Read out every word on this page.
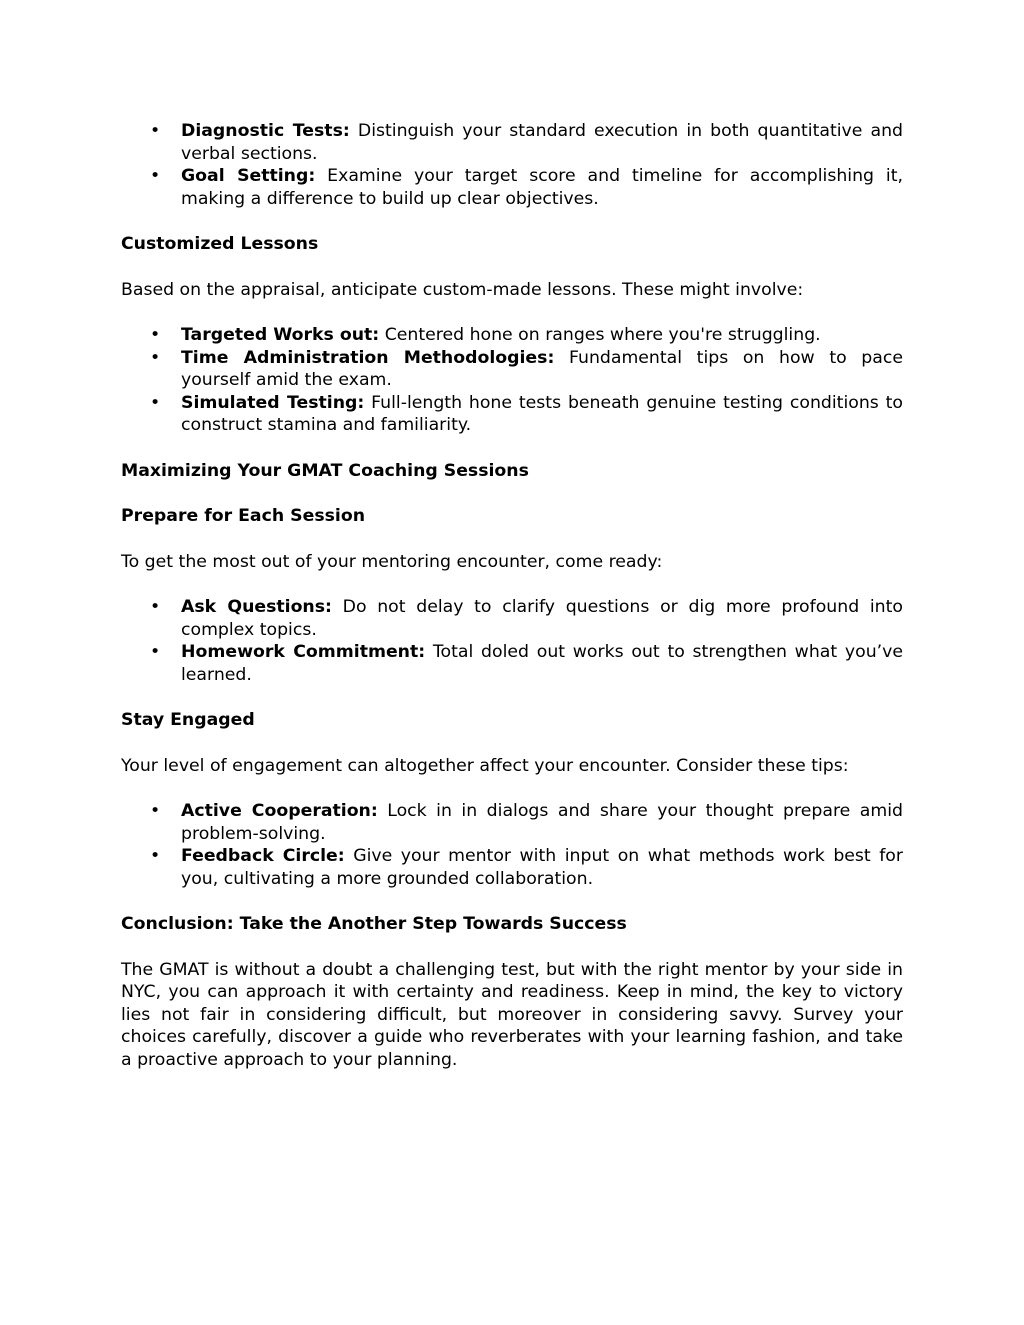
• Diagnostic Tests: Distinguish your standard execution in both quantitative and verbal sections.
• Goal Setting: Examine your target score and timeline for accomplishing it, making a difference to build up clear objectives.
Customized Lessons

Based on the appraisal, anticipate custom-made lessons. These might involve:

• Targeted Works out: Centered hone on ranges where you're struggling.
• Time Administration Methodologies: Fundamental tips on how to pace yourself amid the exam.
• Simulated Testing: Full-length hone tests beneath genuine testing conditions to construct stamina and familiarity.
Maximizing Your GMAT Coaching Sessions
Prepare for Each Session

To get the most out of your mentoring encounter, come ready:

• Ask Questions: Do not delay to clarify questions or dig more profound into complex topics.
• Homework Commitment: Total doled out works out to strengthen what you’ve learned.
Stay Engaged

Your level of engagement can altogether affect your encounter. Consider these tips:

• Active Cooperation: Lock in in dialogs and share your thought prepare amid problem-solving.
• Feedback Circle: Give your mentor with input on what methods work best for you, cultivating a more grounded collaboration.
Conclusion: Take the Another Step Towards Success

The GMAT is without a doubt a challenging test, but with the right mentor by your side in NYC, you can approach it with certainty and readiness. Keep in mind, the key to victory lies not fair in considering difficult, but moreover in considering savvy. Survey your choices carefully, discover a guide who reverberates with your learning fashion, and take a proactive approach to your planning.
